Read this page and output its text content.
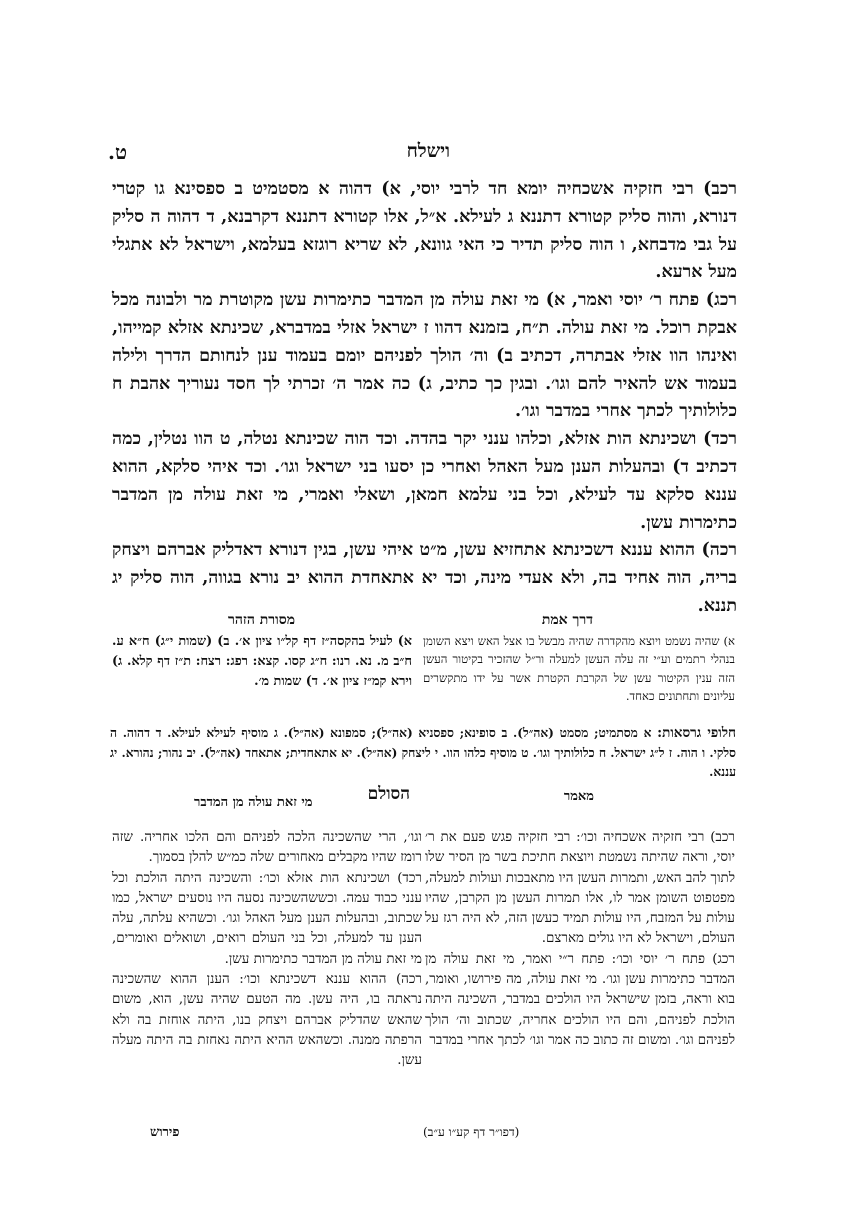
וישלח
ט.

רכב) רבי חזקיה אשכחיה יומא חד לרבי יוסי, א) דהוה א מסטמיט ב ספסינא גו קטרי דנורא, והוה סליק קטורא דתננא ג לעילא. א״ל, אלו קטורא דתננא דקרבנא, ד דהוה ה סליק על גבי מדבחא, ו הוה סליק תדיר כי האי גוונא, לא שריא רוגזא בעלמא, וישראל לא אתגלי מעל ארעא.

רכג) פתח ר׳ יוסי ואמר, א) מי זאת עולה מן המדבר כתימרות עשן מקוטרת מר ולבונה מכל אבקת רוכל. מי זאת עולה. ת״ח, בזמנא דהוו ז ישראל אזלי במדברא, שכינתא אזלא קמייהו, ואינהו הוו אזלי אבתרה, דכתיב ב) וה׳ הולך לפניהם יומם בעמוד ענן לנחותם הדרך ולילה בעמוד אש להאיר להם וגו׳. ובגין כך כתיב, ג) כה אמר ה׳ זכרתי לך חסד נעוריך אהבת ח כלולותיך לכתך אחרי במדבר וגו׳.

רכד) ושכינתא הות אזלא, וכלהו ענני יקר בהדה. וכד הוה שכינתא נטלה, ט הוו נטלין, כמה דכתיב ד) ובהעלות הענן מעל האהל ואחרי כן יסעו בני ישראל וגו׳. וכד איהי סלקא, ההוא עננא סלקא עד לעילא, וכל בני עלמא חמאן, ושאלי ואמרי, מי זאת עולה מן המדבר כתימרות עשן.

רכה) ההוא עננא דשכינתא אתחזיא עשן, מ״ט איהי עשן, בגין דנורא דאדליק אברהם ויצחק בריה, הוה אחיד בה, ולא אעדי מינה, וכד יא אתאחדת ההוא יב נורא בגווה, הוה סליק יג תננא.

דרך אמת
מסורת הזהר
א) שהיה נשמט ויוצא מהקדרה שהיה מבשל בו אצל האש ויצא השומן בנהלי רתמים וע״י זה עלה העשן למעלה ור״ל שהזכיר בקיטור העשן הזה ענין הקיטור עשן של הקרבת הקטרת אשר על ידו מתקשרים עליונים ותחתונים כאחד.
א) לעיל בהקסה״ז דף קל״ו ציון א׳. ב) (שמות י״ג) ח״א ע. ח״ב מ. נא. רנו: ח״ג קסו. קצא: רפג: רצח: ת״ז דף קלא. ג) וירא קמ״ז ציון א׳. ד) שמות מ׳.
חלופי גרסאות: א מסתמיט; מסמט (אה״ל). ב סופינא; ספסניא (אה״ל); סמפונא (אה״ל). ג מוסיף לעילא לעילא. ד דהוה. ה סלקי. ו הוה. ז ל״ג ישראל. ח כלולותיך וגו׳. ט מוסיף כלהו הוו. י ליצחק (אה״ל). יא אתאחדית; אתאחד (אה״ל). יב נהור; נהורא. יג עננא.
מאמר
הסולם
מי זאת עולה מן המדבר

רכב) רבי חזקיה אשכחיה וכו׳: רבי חזקיה פגש פעם את ר׳ יוסי, וראה שהיתה נשמטת ויוצאת חתיכת בשר מן הסיר שלו לתוך להב האש, ותמרות העשן היו מתאבכות ועולות למעלה, מפטפוט השומן אמר לו, אלו תמרות העשן מן הקרבן, שהיו עולות על המזבח, היו עולות תמיד כעשן הזה, לא היה רגז על העולם, וישראל לא היו גולים מארצם.

רכג) פתח ר׳ יוסי וכו׳: פתח ר״י ואמר, מי זאת עולה מן המדבר כתימרות עשן וגו׳. מי זאת עולה, מה פירושו, ואומר, בוא וראה, בזמן שישראל היו הולכים במדבר, השכינה היתה הולכת לפניהם, והם היו הולכים אחריה, שכתוב וה׳ הולך לפניהם וגו׳. ומשום זה כתוב כה אמר וגו׳ לכתך אחרי במדבר

וגו׳, הרי שהשכינה הלכה לפניהם והם הלכו אחריה. שזה רומז שהיו מקבלים מאחורים שלה כמ״ש להלן בסמוך.

רכד) ושכינתא הות אזלא וכו׳: והשכינה היתה הולכת וכל ענני כבוד עמה. וכששהשכינה נסעה היו נוסעים ישראל, כמו שכתוב, ובהעלות הענן מעל האהל וגו׳. וכשהיא עלתה, עלה הענן עד למעלה, וכל בני העולם רואים, ושואלים ואומרים, מי זאת עולה מן המדבר כתימרות עשן.

רכה) ההוא עננא דשכינתא וכו׳: הענן ההוא שהשכינה נראתה בו, היה עשן. מה הטעם שהיה עשן, הוא, משום שהאש שהדליק אברהם ויצחק בנו, היתה אוחזת בה ולא הרפתה ממנה. וכשהאש ההיא היתה נאחזת בה היתה מעלה עשן.

(דפו״ר דף קע״ו ע״ב)
פירוש
